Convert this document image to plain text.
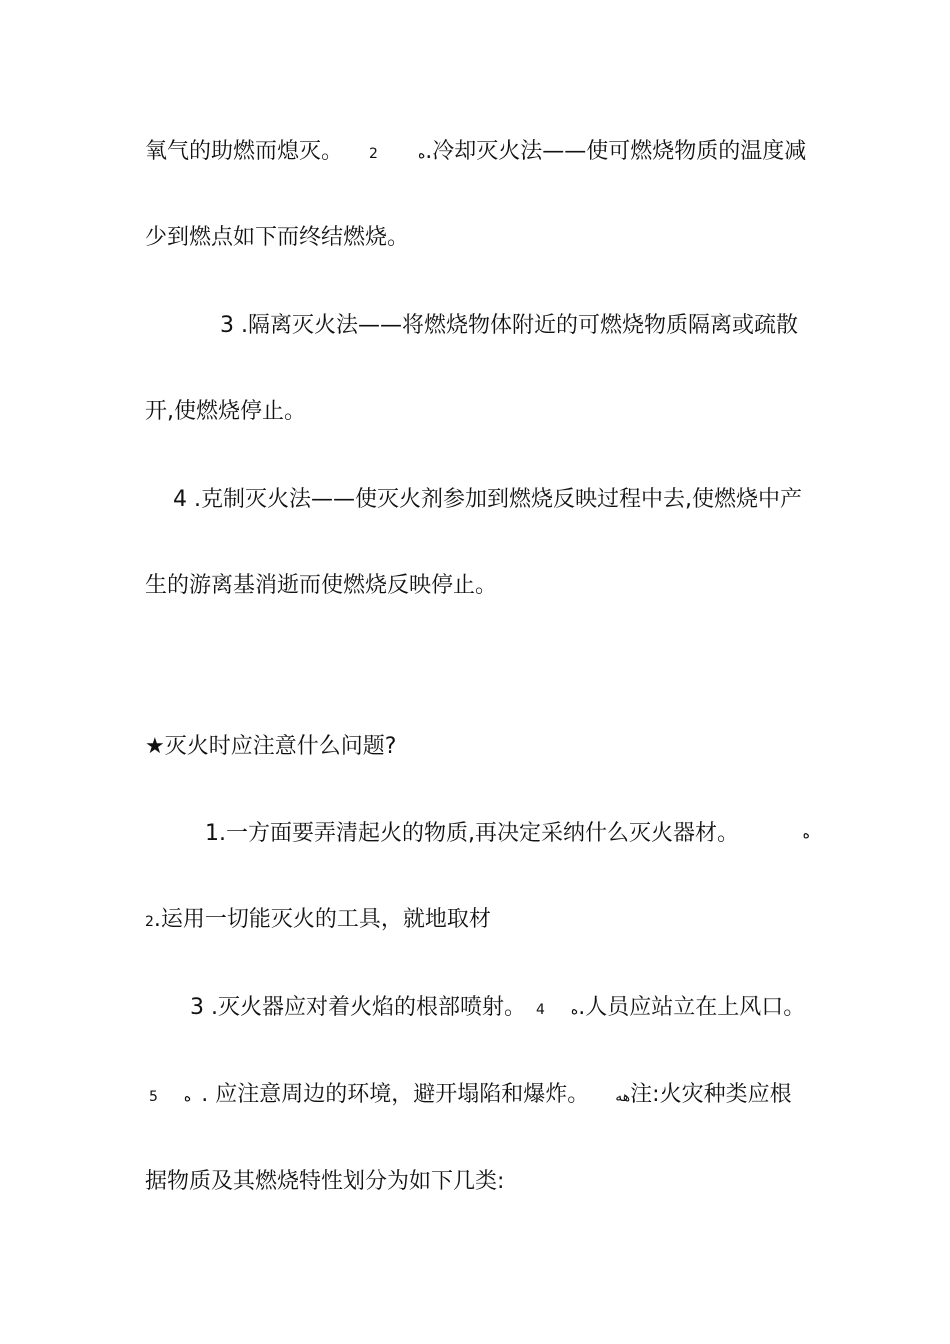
氧气的助燃而熄灭。 2	ه.冷却灭火法——使可燃烧物质的温度减
少到燃点如下而终结燃烧。
3 .隔离灭火法——将燃烧物体附近的可燃烧物质隔离或疏散
开,使燃烧停止。
4 .克制灭火法——使灭火剂参加到燃烧反映过程中去,使燃烧中产
生的游离基消逝而使燃烧反映停止。
★灭火时应注意什么问题?
1.一方面要弄清起火的物质,再决定采纳什么灭火器材。	ه
2.运用一切能灭火的工具，就地取材
3 .灭火器应对着火焰的根部喷射。 4 ه.人员应站立在上风口。
5 ه . 应注意周边的环境，避开塌陷和爆炸。 هه注:火灾种类应根
据物质及其燃烧特性划分为如下几类:
